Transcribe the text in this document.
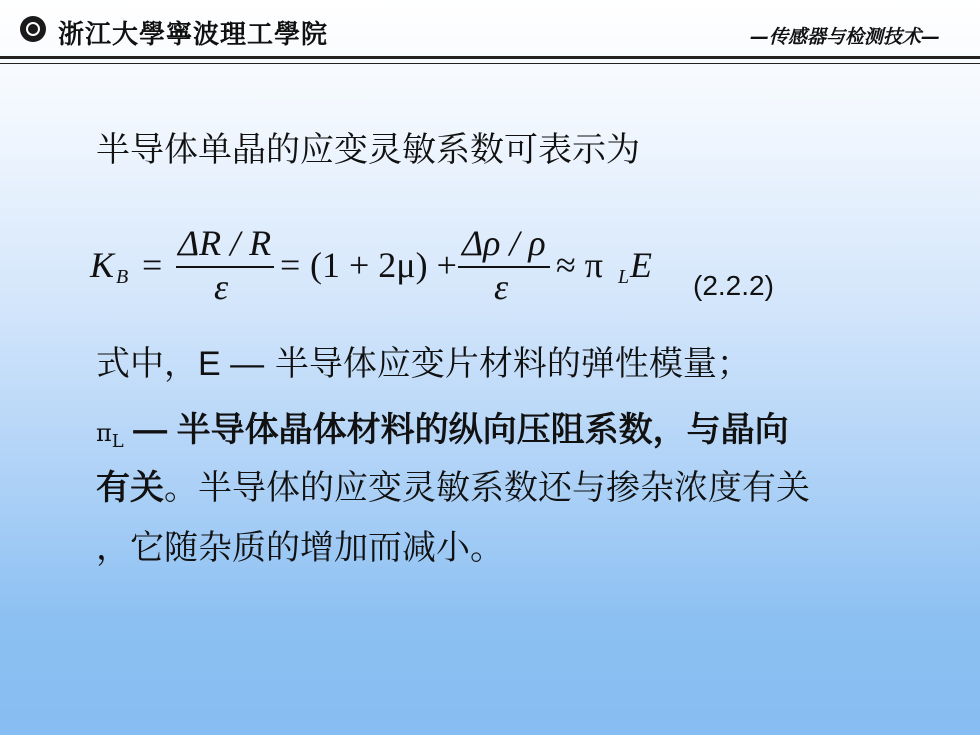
浙江大學寧波理工學院	—传感器与检测技术—
半导体单晶的应变灵敏系数可表示为
K B =
ΔR / R
ε
= (1 + 2μ) +
Δρ / ρ
ε
≈ π L E
(2.2.2)
式中，E — 半导体应变片材料的弹性模量；
πL — 半导体晶体材料的纵向压阻系数，与晶向
有关。半导体的应变灵敏系数还与掺杂浓度有关
，它随杂质的增加而减小。
